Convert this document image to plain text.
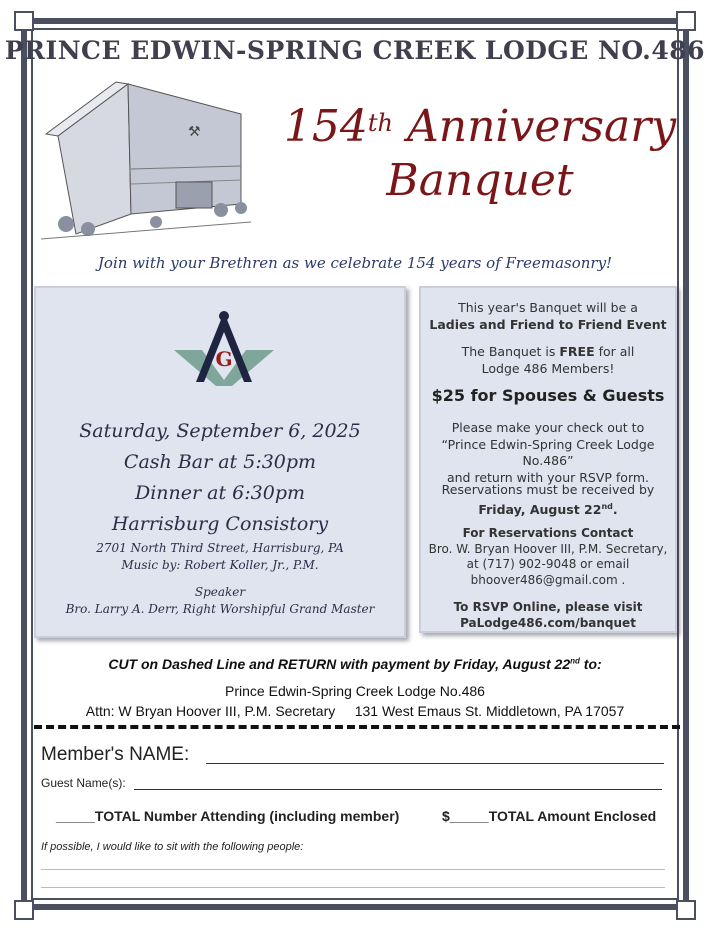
PRINCE EDWIN-SPRING CREEK LODGE NO.486
⚒ 154th Anniversary
Banquet
Join with your Brethren as we celebrate 154 years of Freemasonry!
G
Saturday, September 6, 2025
Cash Bar at 5:30pm
Dinner at 6:30pm
Harrisburg Consistory
2701 North Third Street, Harrisburg, PA
Music by: Robert Koller, Jr., P.M.
Speaker
Bro. Larry A. Derr, Right Worshipful Grand Master
This year's Banquet will be a
Ladies and Friend to Friend Event
The Banquet is FREE for all
Lodge 486 Members!
$25 for Spouses & Guests
Please make your check out to
“Prince Edwin-Spring Creek Lodge No.486”
and return with your RSVP form.
Reservations must be received by
Friday, August 22nd.
For Reservations Contact
Bro. W. Bryan Hoover III, P.M. Secretary,
at (717) 902-9048 or email
bhoover486@gmail.com .
To RSVP Online, please visit
PaLodge486.com/banquet
CUT on Dashed Line and RETURN with payment by Friday, August 22nd to:
Prince Edwin-Spring Creek Lodge No.486
Attn: W Bryan Hoover III, P.M. Secretary 131 West Emaus St. Middletown, PA 17057
Member's NAME:
Guest Name(s):
_____TOTAL Number Attending (including member)	$_____TOTAL Amount Enclosed
If possible, I would like to sit with the following people:
